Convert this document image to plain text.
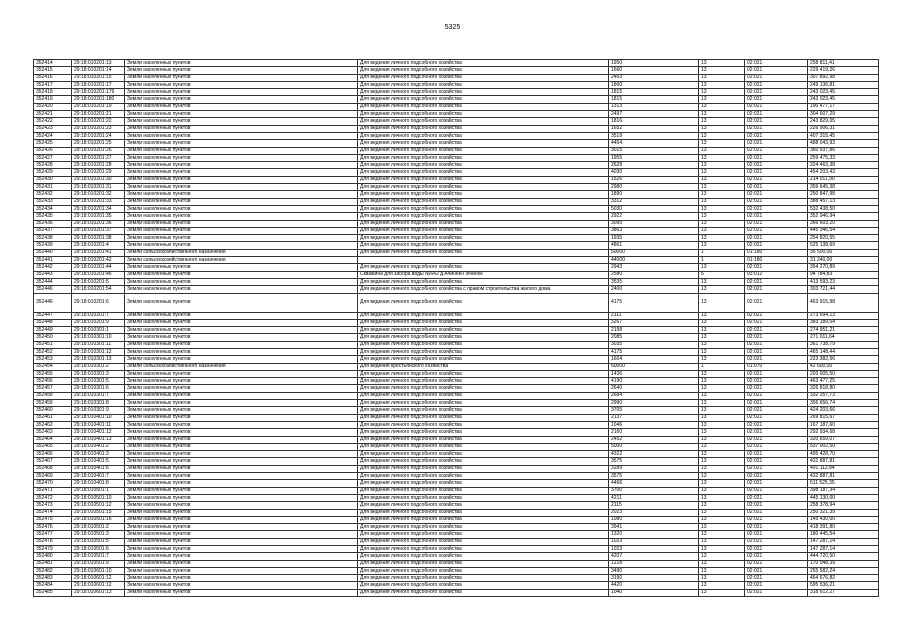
5325
352414	29:18:010201:13	Земли населенных пунктов	Для ведения личного подсобного хозяйства	1950	13	02:021	258 811,41
352415	29:18:010201:14	Земли населенных пунктов	Для ведения личного подсобного хозяйства	1660	13	02:021	229 419,26
352416	29:18:010201:15	Земли населенных пунктов	Для ведения личного подсобного хозяйства	2463	13	02:021	307 892,98
352417	29:18:010201:17	Земли населенных пунктов	Для ведения личного подсобного хозяйства	1860	13	02:021	249 136,81
352418	29:18:010201:179	Земли населенных пунктов	Для ведения личного подсобного хозяйства	1815	13	02:021	243 023,45
352419	29:18:010201:180	Земли населенных пунктов	Для ведения личного подсобного хозяйства	1815	13	02:021	243 023,45
352420	29:18:010201:19	Земли населенных пунктов	Для ведения личного подсобного хозяйства	1313	13	02:021	190 477,17
352421	29:18:010201:21	Земли населенных пунктов	Для ведения личного подсобного хозяйства	2497	13	02:021	304 607,29
352422	29:18:010201:22	Земли населенных пунктов	Для ведения личного подсобного хозяйства	1816	13	02:021	243 829,05
352423	29:18:010201:23	Земли населенных пунктов	Для ведения личного подсобного хозяйства	1652	13	02:021	226 906,31
352424	29:18:010201:24	Земли населенных пунктов	Для ведения личного подсобного хозяйства	3519	13	02:021	407 315,45
352425	29:18:010201:25	Земли населенных пунктов	Для ведения личного подсобного хозяйства	4454	13	02:021	488 043,93
352426	29:18:010201:26	Земли населенных пунктов	Для ведения личного подсобного хозяйства	3015	13	02:021	360 937,86
352427	29:18:010201:27	Земли населенных пунктов	Для ведения личного подсобного хозяйства	1955	13	02:021	259 475,33
352428	29:18:010201:28	Земли населенных пунктов	Для ведения личного подсобного хозяйства	2628	13	02:021	324 463,38
352429	29:18:010201:29	Земли населенных пунктов	Для ведения личного подсобного хозяйства	4030	13	02:021	454 203,43
352430	29:18:010201:30	Земли населенных пунктов	Для ведения личного подсобного хозяйства	1526	13	02:021	214 011,90
352431	29:18:010201:31	Земли населенных пунктов	Для ведения личного подсобного хозяйства	2980	13	02:021	359 645,38
352432	29:18:010201:32	Земли населенных пунктов	Для ведения личного подсобного хозяйства	1890	13	02:021	250 847,98
352433	29:18:010201:33	Земли населенных пунктов	Для ведения личного подсобного хозяйства	3312	13	02:021	388 457,13
352434	29:18:010201:34	Земли населенных пунктов	Для ведения личного подсобного хозяйства	5030	13	02:021	532 438,50
352435	29:18:010201:35	Земли населенных пунктов	Для ведения личного подсобного хозяйства	2922	13	02:021	352 946,94
352436	29:18:010201:36	Земли населенных пунктов	Для ведения личного подсобного хозяйства	3095	13	02:021	366 603,20
352437	29:18:010201:37	Земли населенных пунктов	Для ведения личного подсобного хозяйства	3863	13	02:021	445 346,54
352438	29:18:010201:38	Земли населенных пунктов	Для ведения личного подсобного хозяйства	1935	13	02:021	254 820,55
352439	29:18:010201:4	Земли населенных пунктов	Для ведения личного подсобного хозяйства	4861	13	02:021	525 138,69
352440	29:18:010201:41	Земли сельскохозяйственного назначения	Для ведения личного подсобного хозяйства	50000	1	01:180	35 500,00
352441	29:18:010201:42	Земли сельскохозяйственного назначения		44000	1	01:180	31 240,00
352442	29:18:010201:44	Земли населенных пунктов	Для ведения личного подсобного хозяйства	2943	13	02:021	354 270,89
352443	29:18:010201:46	Земли населенных пунктов	Скважина для забора воды №642 д.Ачинеи-Починок	2580	6	03:012	94 784,83
352444	29:18:010201:5	Земли населенных пунктов	Для ведения личного подсобного хозяйства	3535	13	02:021	413 593,23
352446	29:18:010201:54	Земли населенных пунктов	Для ведения личного подсобного хозяйства с правом строительства жилого дома	2400	13	02:021	303 721,44
352446	29:18:010201:6	Земли населенных пунктов	Для ведения личного подсобного хозяйства	4175	13	02:021	463 915,98
352447	29:18:010201:7	Земли населенных пунктов	Для ведения личного подсобного хозяйства	2111	13	02:021	273 694,13
352448	29:18:010201:9	Земли населенных пунктов	Для ведения личного подсобного хозяйства	3267	13	02:021	383 189,04
352449	29:18:010301:1	Земли населенных пунктов	Для ведения личного подсобного хозяйства	2198	13	02:021	274 951,21
352450	29:18:010301:10	Земли населенных пунктов	Для ведения личного подсобного хозяйства	2085	13	02:021	271 011,64
352451	29:18:010301:11	Земли населенных пунктов	Для ведения личного подсобного хозяйства	3035	13	02:021	361 738,79
352452	29:18:010301:12	Земли населенных пунктов	Для ведения личного подсобного хозяйства	4175	13	02:021	465 148,44
352453	29:18:010301:13	Земли населенных пунктов	Для ведения личного подсобного хозяйства	1604	13	02:021	223 382,56
352454	29:18:010301:2	Земли сельскохозяйственного назначения	Для ведения крестьянского хозяйства	60000	1	01:070	42 600,00
352455	29:18:010301:3	Земли населенных пунктов	Для ведения личного подсобного хозяйства	1436	13	02:021	203 005,50
352456	29:18:010301:5	Земли населенных пунктов	Для ведения личного подсобного хозяйства	4190	13	02:021	463 477,25
352457	29:18:010301:6	Земли населенных пунктов	Для ведения личного подсобного хозяйства	2640	13	02:021	326 818,80
352458	29:18:010301:7	Земли населенных пунктов	Для ведения личного подсобного хозяйства	2684	13	02:021	332 257,73
352459	29:18:010301:8	Земли населенных пунктов	Для ведения личного подсобного хозяйства	2990	13	02:021	356 656,74
352460	29:18:010301:9	Земли населенных пунктов	Для ведения личного подсобного хозяйства	3705	13	02:021	424 203,66
352461	29:18:010401:10	Земли населенных пунктов	Для ведения личного подсобного хозяйства	2137	13	02:021	269 815,67
352462	29:18:010401:11	Земли населенных пунктов	Для ведения личного подсобного хозяйства	1046	13	02:021	167 187,60
352463	29:18:010401:12	Земли населенных пунктов	Для ведения личного подсобного хозяйства	2160	13	02:021	292 934,68
352464	29:18:010401:13	Земли населенных пунктов	Для ведения личного подсобного хозяйства	2452	13	02:021	320 659,07
352465	29:18:010401:2	Земли населенных пунктов	Для ведения личного подсобного хозяйства	5000	13	02:021	537 002,50
352466	29:18:010401:3	Земли населенных пунктов	Для ведения личного подсобного хозяйства	4322	13	02:021	495 428,70
352467	29:18:010401:5	Земли населенных пунктов	Для ведения личного подсобного хозяйства	3575	13	02:021	432 887,81
352468	29:18:010401:6	Земли населенных пунктов	Для ведения личного подсобного хозяйства	3289	13	02:021	401 112,84
352469	29:18:010401:7	Земли населенных пунктов	Для ведения личного подсобного хозяйства	3575	13	02:021	432 887,81
352470	29:18:010401:8	Земли населенных пунктов	Для ведения личного подсобного хозяйства	4466	13	02:021	511 525,35
352471	29:18:010501:1	Земли населенных пунктов	Для ведения личного подсобного хозяйства	3700	13	02:021	398 187,34
352472	29:18:010501:10	Земли населенных пунктов	Для ведения личного подсобного хозяйства	4211	13	02:021	445 130,00
352473	29:18:010501:12	Земли населенных пунктов	Для ведения личного подсобного хозяйства	2115	13	02:021	258 378,94
352474	29:18:010501:15	Земли населенных пунктов	Для ведения личного подсобного хозяйства	2023	13	02:021	250 321,39
352475	29:18:010501:16	Земли населенных пунктов	Для ведения личного подсобного хозяйства	1080	13	02:021	145 430,00
352476	29:18:010501:2	Земли населенных пунктов	Для ведения личного подсобного хозяйства	3941	13	02:021	418 391,80
352477	29:18:010501:3	Земли населенных пунктов	Для ведения личного подсобного хозяйства	1320	13	02:021	180 445,54
352478	29:18:010501:5	Земли населенных пунктов	Для ведения личного подсобного хозяйства	1023	13	02:021	147 287,14
352479	29:18:010501:6	Земли населенных пунктов	Для ведения личного подсобного хозяйства	1023	13	02:021	147 287,14
352480	29:18:010501:7	Земли населенных пунктов	Для ведения личного подсобного хозяйства	4207	13	02:021	444 720,50
352481	29:18:010501:9	Земли населенных пунктов	Для ведения личного подсобного хозяйства	1218	13	02:021	170 048,39
352482	29:18:010601:10	Земли населенных пунктов	Для ведения личного подсобного хозяйства	3490	13	02:021	255 582,24
352483	29:18:010601:12	Земли населенных пунктов	Для ведения личного подсобного хозяйства	3190	13	02:021	464 676,82
352484	29:18:010601:12	Земли населенных пунктов	Для ведения личного подсобного хозяйства	4420	13	02:021	595 536,21
352485	29:18:010601:13	Земли населенных пунктов	Для ведения личного подсобного хозяйства	1040	13	02:021	318 612,27
